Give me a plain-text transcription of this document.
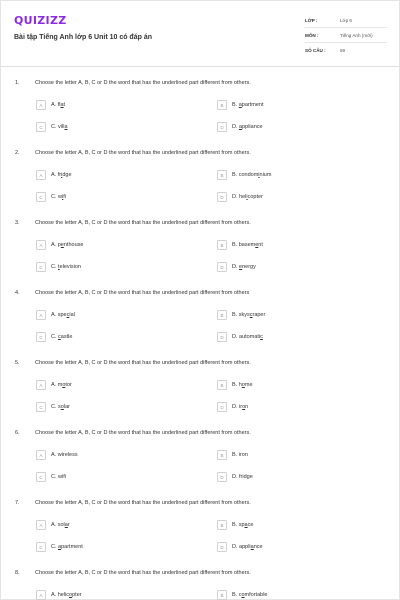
QUIZIZZ
Bài tập Tiếng Anh lớp 6 Unit 10 có đáp án
LỚP :	Lớp 6
MÔN :	Tiếng Anh (mới)
SỐ CÂU :	59
1.	Choose the letter A, B, C or D the word that has the underlined part different from others.
A	A. flat	B	B. apartment
C	C. villa	D	D. appliance
2.	Choose the letter A, B, C or D the word that has the underlined part different from others.
A	A. fridge	B	B. condominium
C	C. wifi	D	D. helicopter
3.	Choose the letter A, B, C or D the word that has the underlined part different from others.
A	A. penthouse	B	B. basement
C	C. television	D	D. energy
4.	Choose the letter A, B, C or D the word that has the underlined part different from others
A	A. special	B	B. skyscraper
C	C. castle	D	D. automatic
5.	Choose the letter A, B, C or D the word that has the underlined part different from others.
A	A. motor	B	B. home
C	C. solar	D	D. iron
6.	Choose the letter A, B, C or D the word that has the underlined part different from others.
A	A. wireless	B	B. iron
C	C. wifi	D	D. fridge
7.	Choose the letter A, B, C or D the word that has the underlined part different from others.
A	A. solar	B	B. space
C	C. apartment	D	D. appliance
8.	Choose the letter A, B, C or D the word that has the underlined part different from others.
A	A. helicopter	B	B. comfortable
